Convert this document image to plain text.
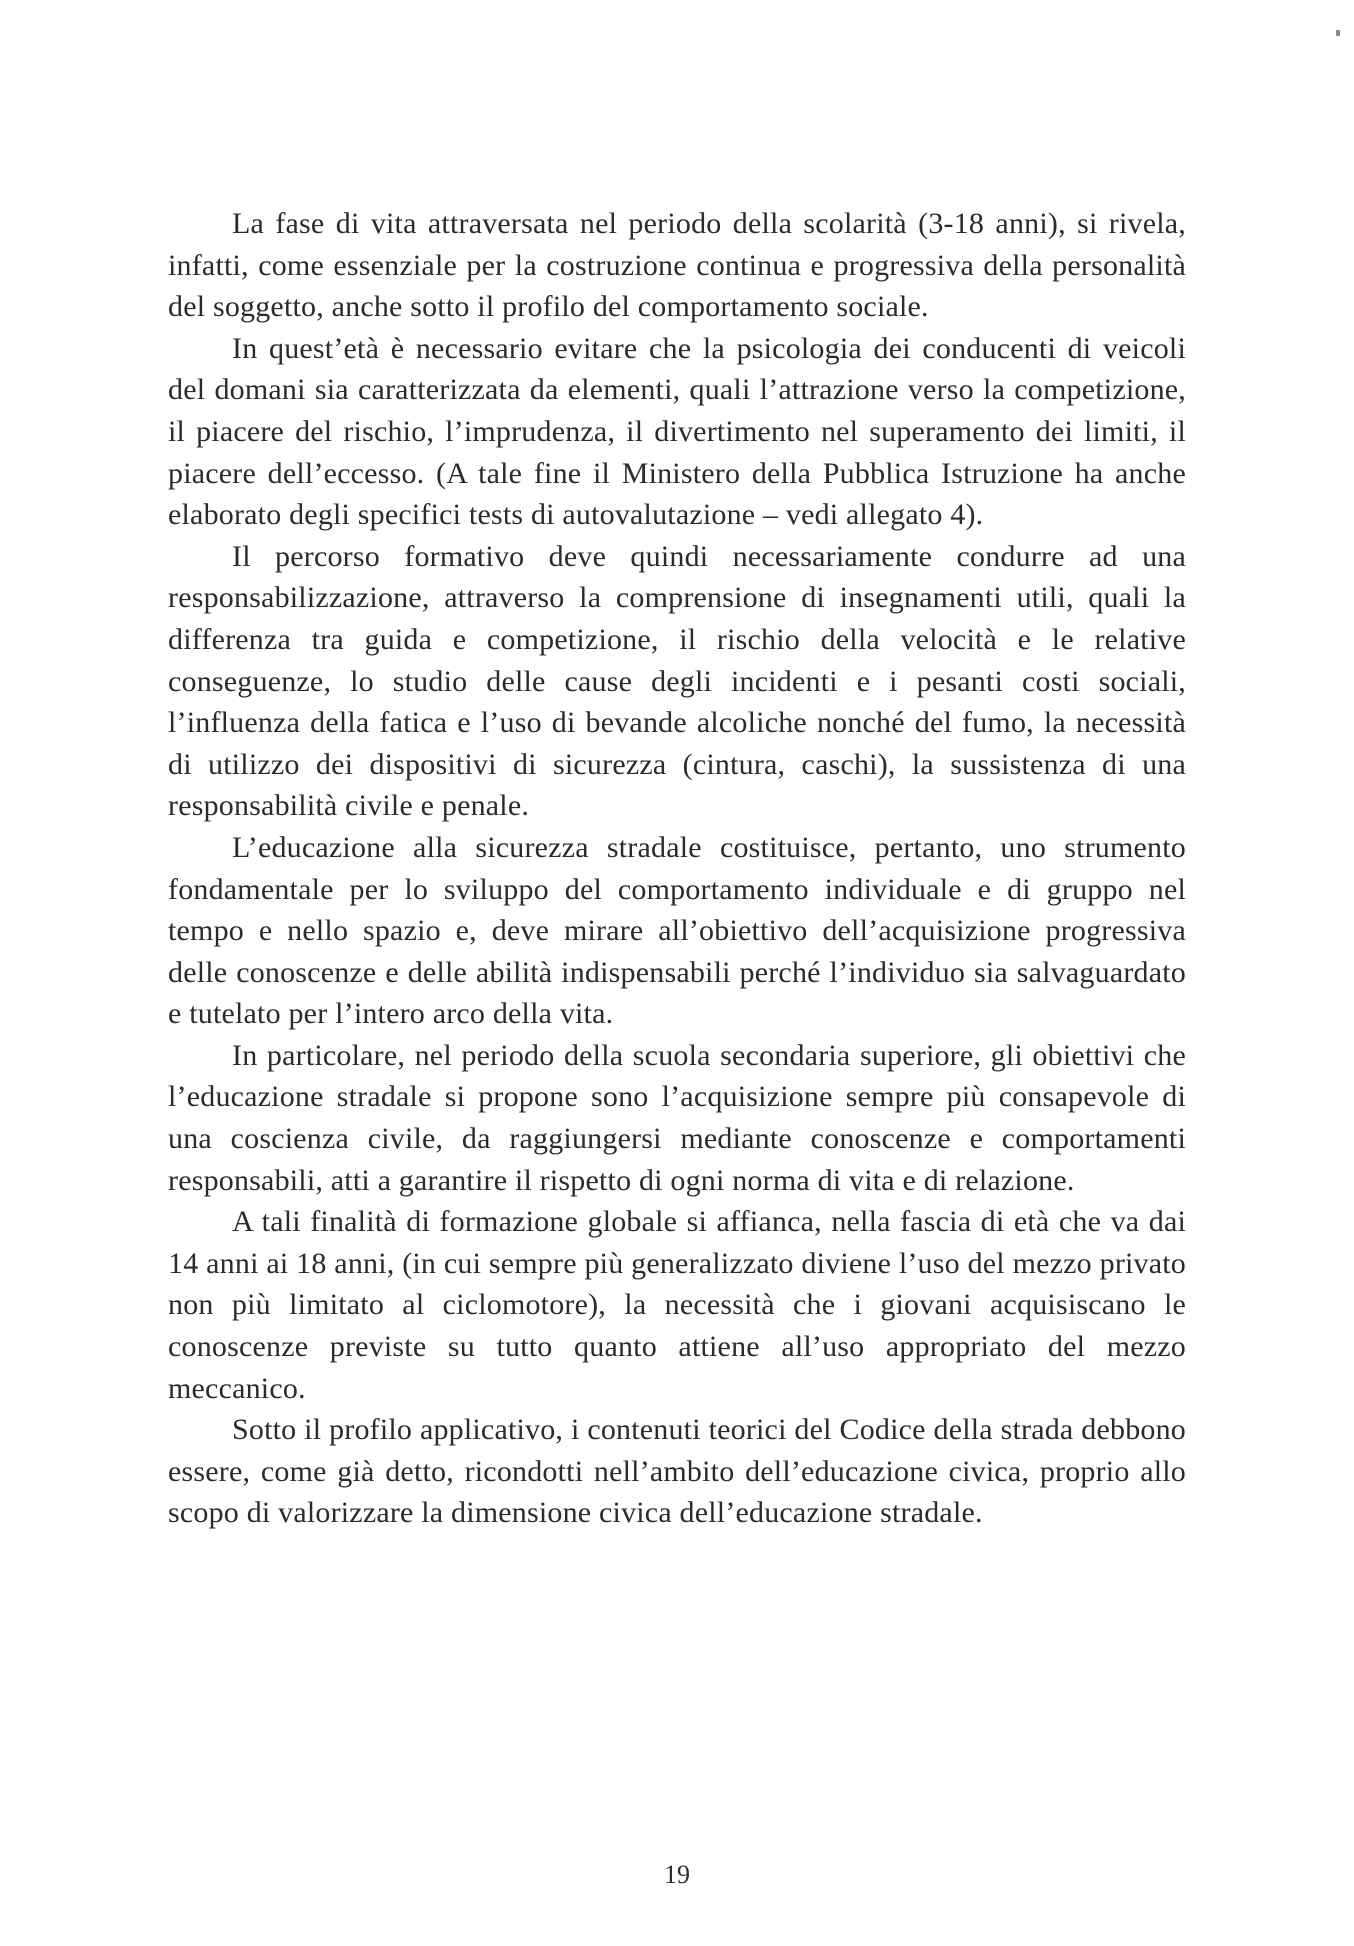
La fase di vita attraversata nel periodo della scolarità (3-18 anni), si rivela, infatti, come essenziale per la costruzione continua e progressiva della personalità del soggetto, anche sotto il profilo del comportamento sociale.

In quest’età è necessario evitare che la psicologia dei conducenti di veicoli del domani sia caratterizzata da elementi, quali l’attrazione verso la competizione, il piacere del rischio, l’imprudenza, il divertimento nel superamento dei limiti, il piacere dell’eccesso. (A tale fine il Ministero della Pubblica Istruzione ha anche elaborato degli specifici tests di autovalutazione – vedi allegato 4).

Il percorso formativo deve quindi necessariamente condurre ad una responsabilizzazione, attraverso la comprensione di insegnamenti utili, quali la differenza tra guida e competizione, il rischio della velocità e le relative conseguenze, lo studio delle cause degli incidenti e i pesanti costi sociali, l’influenza della fatica e l’uso di bevande alcoliche nonché del fumo, la necessità di utilizzo dei dispositivi di sicurezza (cintura, caschi), la sussistenza di una responsabilità civile e penale.

L’educazione alla sicurezza stradale costituisce, pertanto, uno strumento fondamentale per lo sviluppo del comportamento individuale e di gruppo nel tempo e nello spazio e, deve mirare all’obiettivo dell’acquisizione progressiva delle conoscenze e delle abilità indispensabili perché l’individuo sia salvaguardato e tutelato per l’intero arco della vita.

In particolare, nel periodo della scuola secondaria superiore, gli obiettivi che l’educazione stradale si propone sono l’acquisizione sempre più consapevole di una coscienza civile, da raggiungersi mediante conoscenze e comportamenti responsabili, atti a garantire il rispetto di ogni norma di vita e di relazione.

A tali finalità di formazione globale si affianca, nella fascia di età che va dai 14 anni ai 18 anni, (in cui sempre più generalizzato diviene l’uso del mezzo privato non più limitato al ciclomotore), la necessità che i giovani acquisiscano le conoscenze previste su tutto quanto attiene all’uso appropriato del mezzo meccanico.

Sotto il profilo applicativo, i contenuti teorici del Codice della strada debbono essere, come già detto, ricondotti nell’ambito dell’educazione civica, proprio allo scopo di valorizzare la dimensione civica dell’educazione stradale.

19
